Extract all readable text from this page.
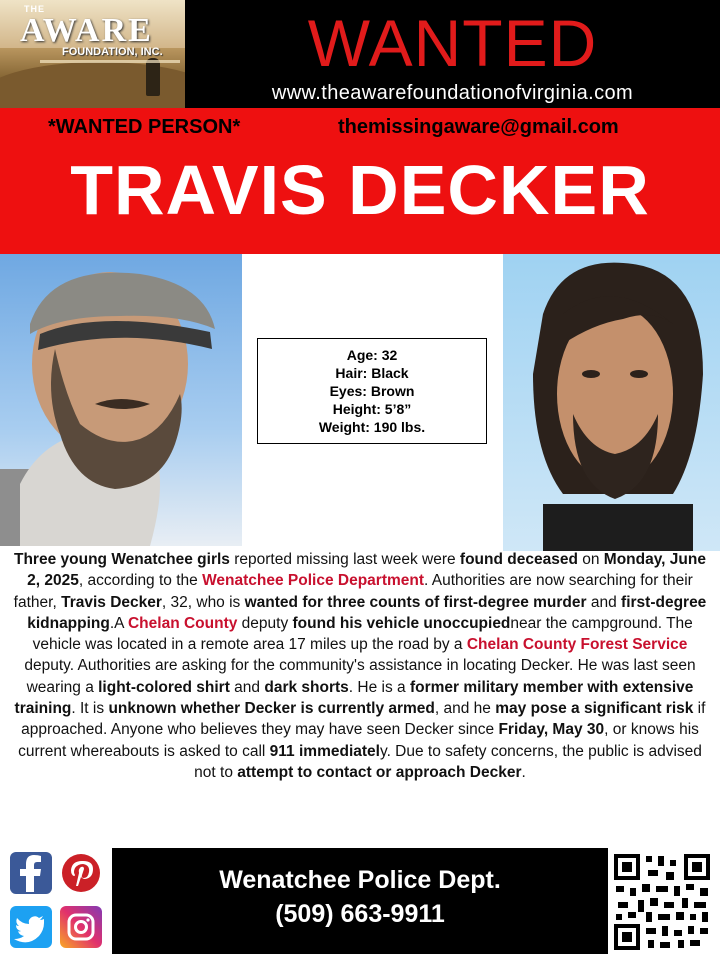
THE
AWARE
FOUNDATION, INC.	WANTED
www.theawarefoundationofvirginia.com
*WANTED PERSON*	themissingaware@gmail.com
TRAVIS DECKER
Age: 32
Hair: Black
Eyes: Brown
Height: 5’8”
Weight: 190 lbs.
Three young Wenatchee girls reported missing last week were found deceased on Monday, June 2, 2025, according to the Wenatchee Police Department. Authorities are now searching for their father, Travis Decker, 32, who is wanted for three counts of first-degree murder and first-degree kidnapping.A Chelan County deputy found his vehicle unoccupiednear the campground. The vehicle was located in a remote area 17 miles up the road by a Chelan County Forest Service deputy. Authorities are asking for the community's assistance in locating Decker. He was last seen wearing a light-colored shirt and dark shorts. He is a former military member with extensive training. It is unknown whether Decker is currently armed, and he may pose a significant risk if approached. Anyone who believes they may have seen Decker since Friday, May 30, or knows his current whereabouts is asked to call 911 immediately. Due to safety concerns, the public is advised not to attempt to contact or approach Decker.
Wenatchee Police Dept.
(509) 663-9911
